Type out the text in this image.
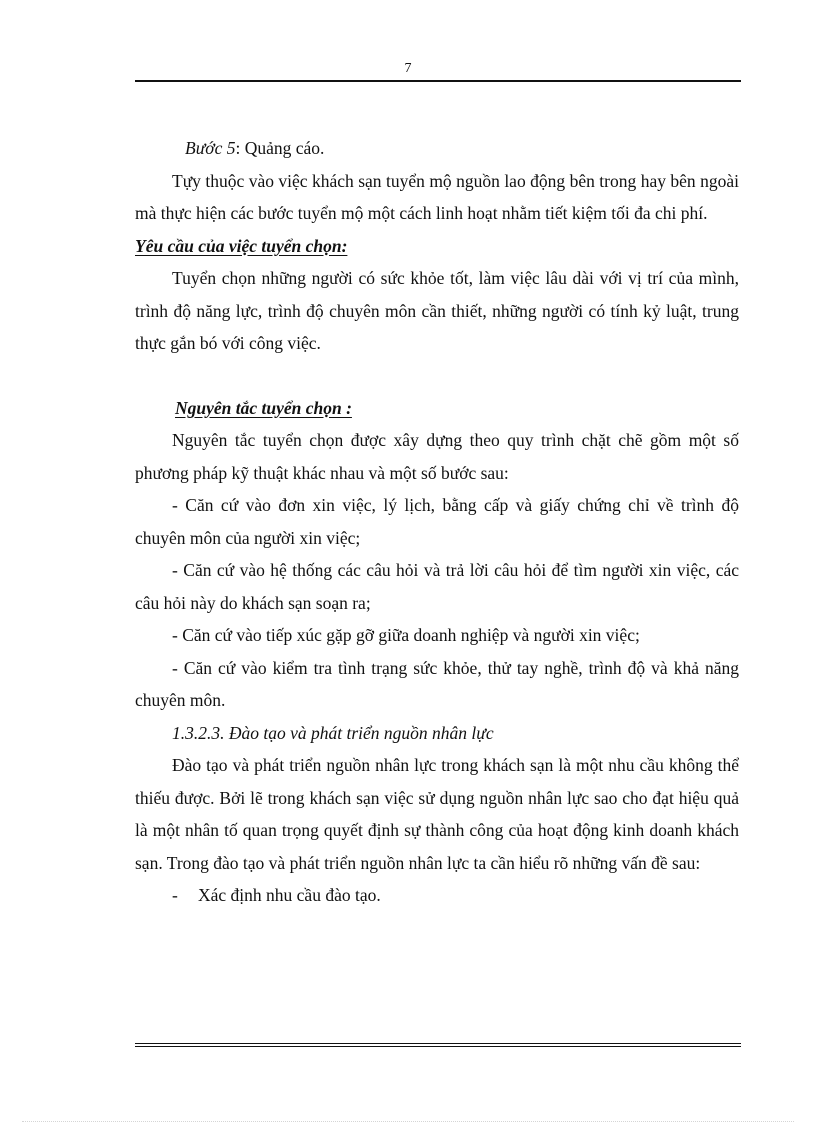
7

Bước 5: Quảng cáo.

Tựy thuộc vào việc khách sạn tuyển mộ nguồn lao động bên trong hay bên ngoài mà thực hiện các bước tuyển mộ một cách linh hoạt nhằm tiết kiệm tối đa chi phí.

Yêu cầu của việc tuyển chọn:

Tuyển chọn những người có sức khỏe tốt, làm việc lâu dài với vị trí của mình, trình độ năng lực, trình độ chuyên môn cần thiết, những người có tính kỷ luật, trung thực gắn bó với công việc.

Nguyên tắc tuyển chọn :

Nguyên tắc tuyển chọn được xây dựng theo quy trình chặt chẽ gồm một số phương pháp kỹ thuật khác nhau và một số bước sau:

- Căn cứ vào đơn xin việc, lý lịch, bằng cấp và giấy chứng chỉ về trình độ chuyên môn của người xin việc;

- Căn cứ vào hệ thống các câu hỏi và trả lời câu hỏi để tìm người xin việc, các câu hỏi này do khách sạn soạn ra;

- Căn cứ vào tiếp xúc gặp gỡ giữa doanh nghiệp và người xin việc;

- Căn cứ vào kiểm tra tình trạng sức khỏe, thử tay nghề, trình độ và khả năng chuyên môn.

1.3.2.3. Đào tạo và phát triển nguồn nhân lực

Đào tạo và phát triển nguồn nhân lực trong khách sạn là một nhu cầu không thể thiếu được. Bởi lẽ trong khách sạn việc sử dụng nguồn nhân lực sao cho đạt hiệu quả là một nhân tố quan trọng quyết định sự thành công của hoạt động kinh doanh khách sạn. Trong đào tạo và phát triển nguồn nhân lực ta cần hiểu rõ những vấn đề sau:

- Xác định nhu cầu đào tạo.
